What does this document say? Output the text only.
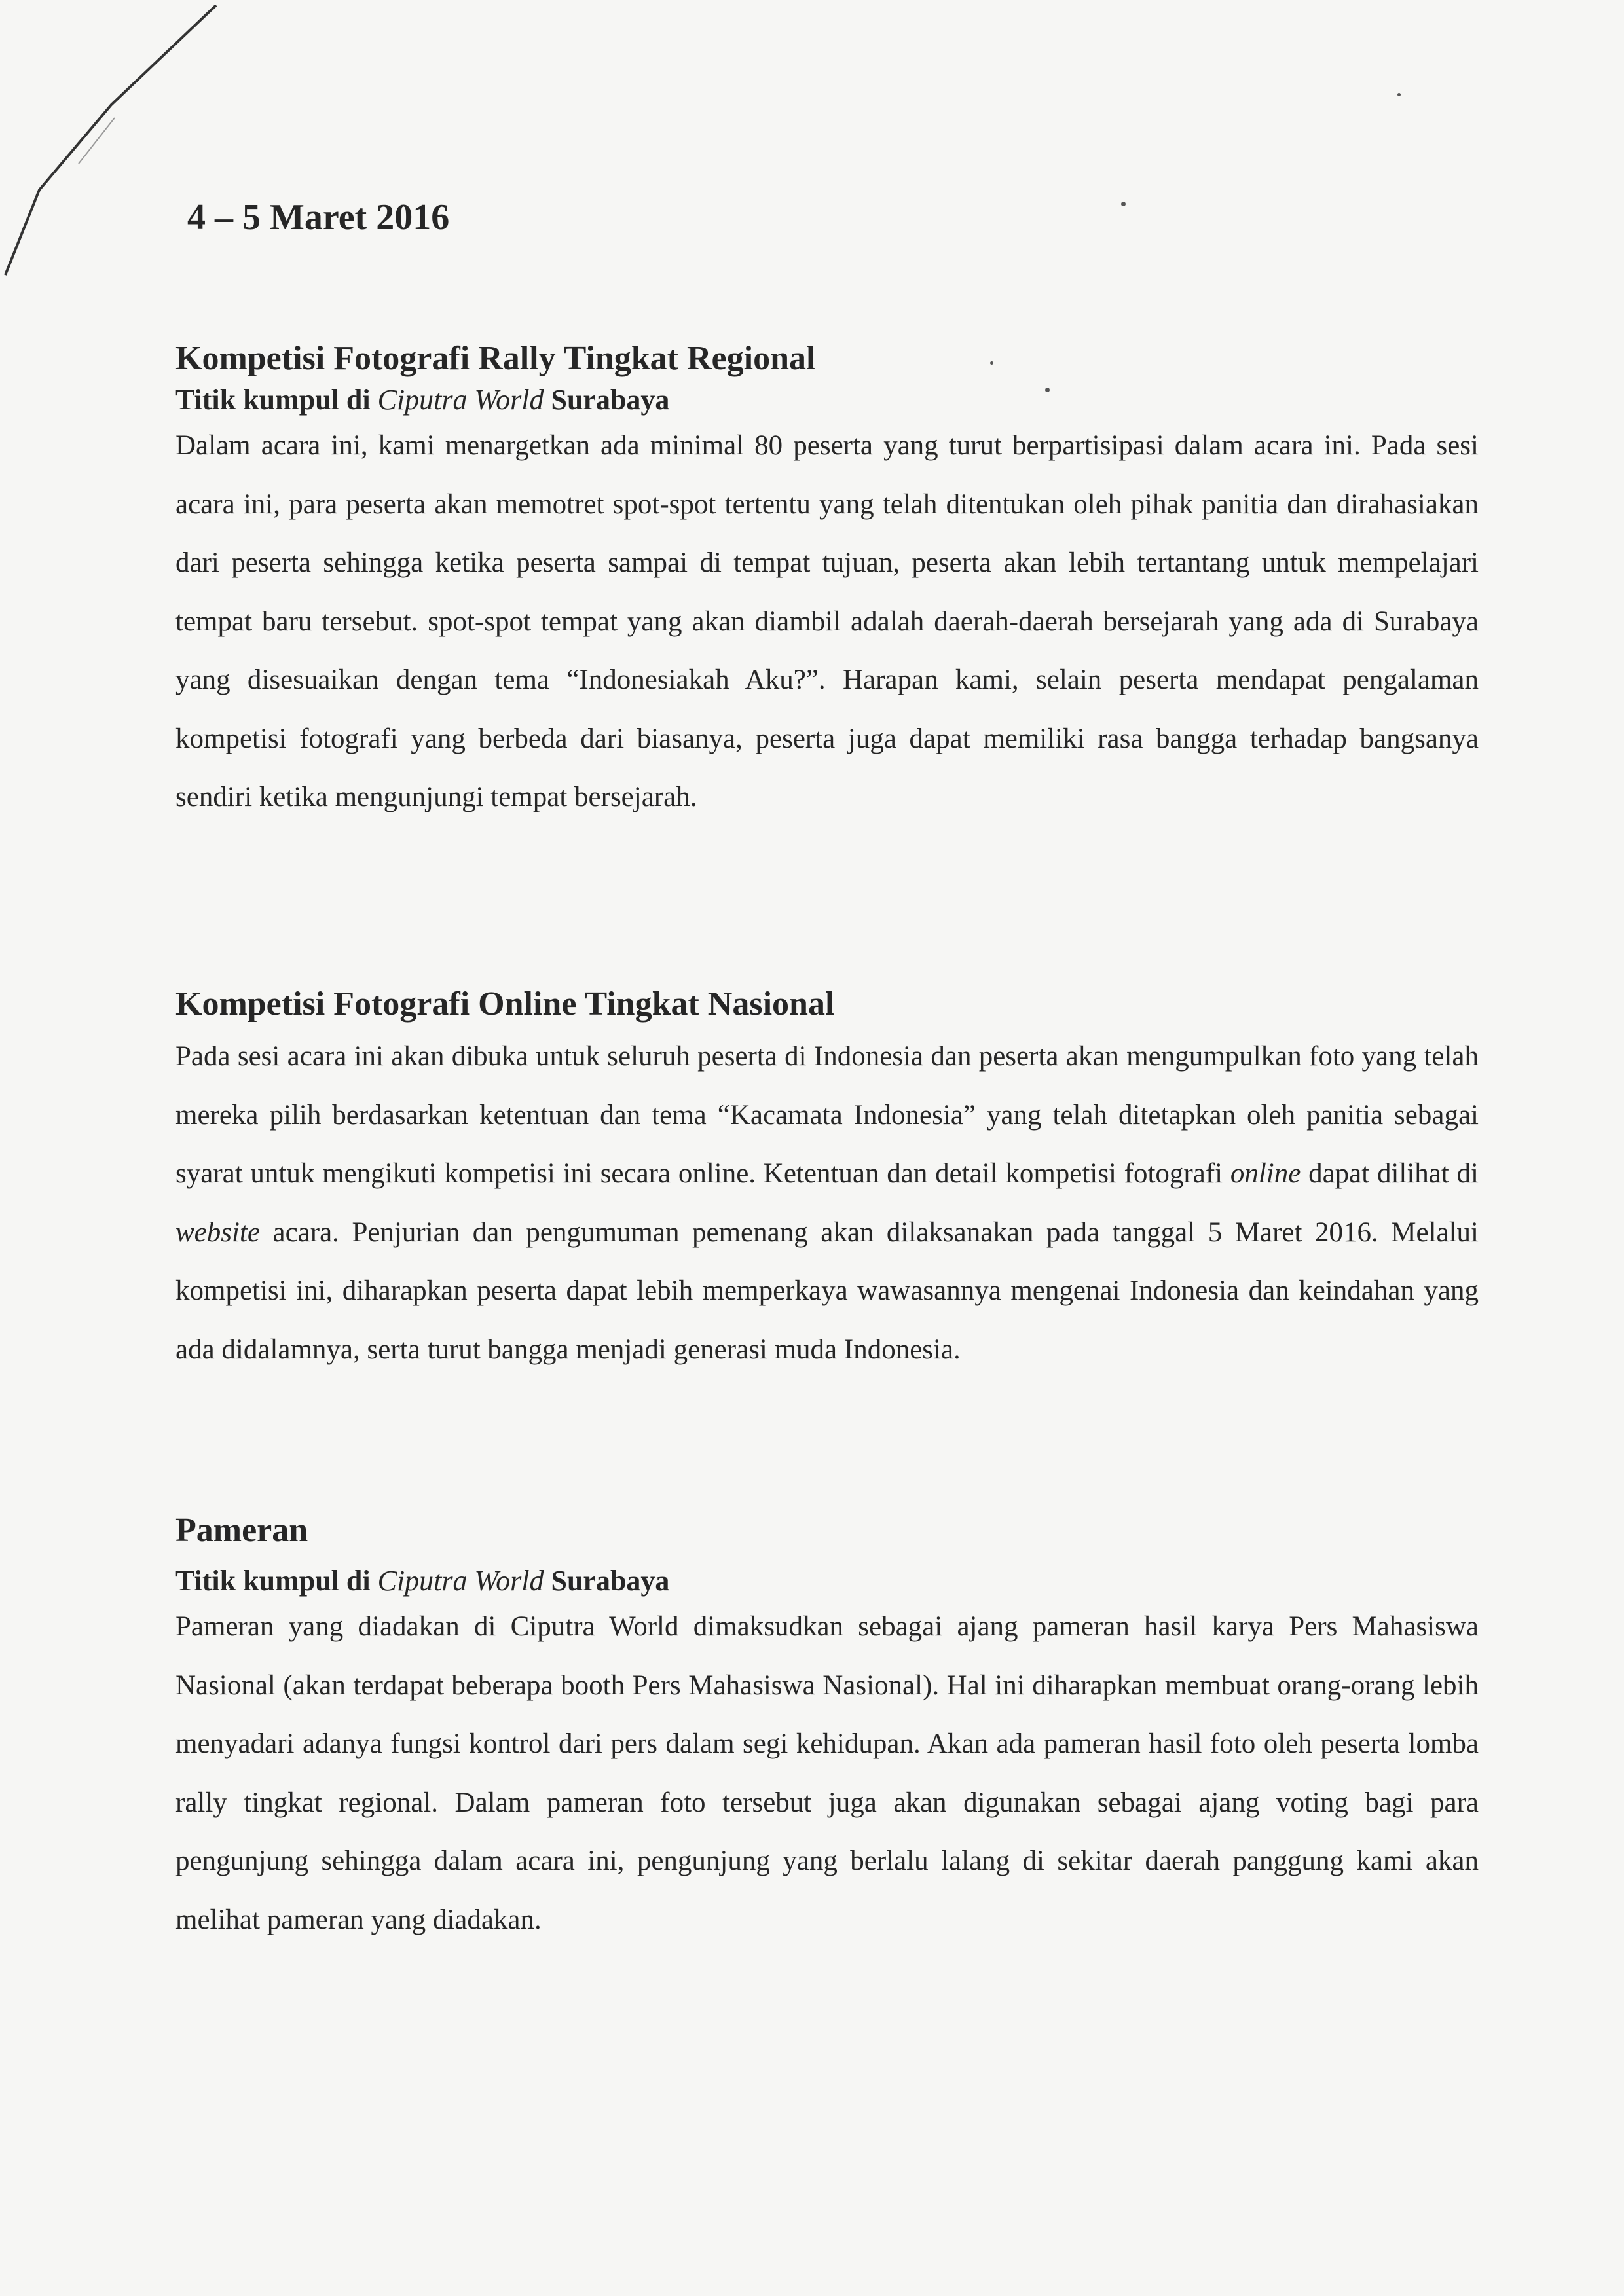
4 – 5 Maret 2016
Kompetisi Fotografi Rally Tingkat Regional
Titik kumpul di Ciputra World Surabaya

Dalam acara ini, kami menargetkan ada minimal 80 peserta yang turut berpartisipasi dalam acara ini. Pada sesi acara ini, para peserta akan memotret spot-spot tertentu yang telah ditentukan oleh pihak panitia dan dirahasiakan dari peserta sehingga ketika peserta sampai di tempat tujuan, peserta akan lebih tertantang untuk mempelajari tempat baru tersebut. spot-spot tempat yang akan diambil adalah daerah-daerah bersejarah yang ada di Surabaya yang disesuaikan dengan tema “Indonesiakah Aku?”. Harapan kami, selain peserta mendapat pengalaman kompetisi fotografi yang berbeda dari biasanya, peserta juga dapat memiliki rasa bangga terhadap bangsanya sendiri ketika mengunjungi tempat bersejarah.

Kompetisi Fotografi Online Tingkat Nasional

Pada sesi acara ini akan dibuka untuk seluruh peserta di Indonesia dan peserta akan mengumpulkan foto yang telah mereka pilih berdasarkan ketentuan dan tema “Kacamata Indonesia” yang telah ditetapkan oleh panitia sebagai syarat untuk mengikuti kompetisi ini secara online. Ketentuan dan detail kompetisi fotografi online dapat dilihat di website acara. Penjurian dan pengumuman pemenang akan dilaksanakan pada tanggal 5 Maret 2016. Melalui kompetisi ini, diharapkan peserta dapat lebih memperkaya wawasannya mengenai Indonesia dan keindahan yang ada didalamnya, serta turut bangga menjadi generasi muda Indonesia.

Pameran
Titik kumpul di Ciputra World Surabaya

Pameran yang diadakan di Ciputra World dimaksudkan sebagai ajang pameran hasil karya Pers Mahasiswa Nasional (akan terdapat beberapa booth Pers Mahasiswa Nasional). Hal ini diharapkan membuat orang-orang lebih menyadari adanya fungsi kontrol dari pers dalam segi kehidupan. Akan ada pameran hasil foto oleh peserta lomba rally tingkat regional. Dalam pameran foto tersebut juga akan digunakan sebagai ajang voting bagi para pengunjung sehingga dalam acara ini, pengunjung yang berlalu lalang di sekitar daerah panggung kami akan melihat pameran yang diadakan.
